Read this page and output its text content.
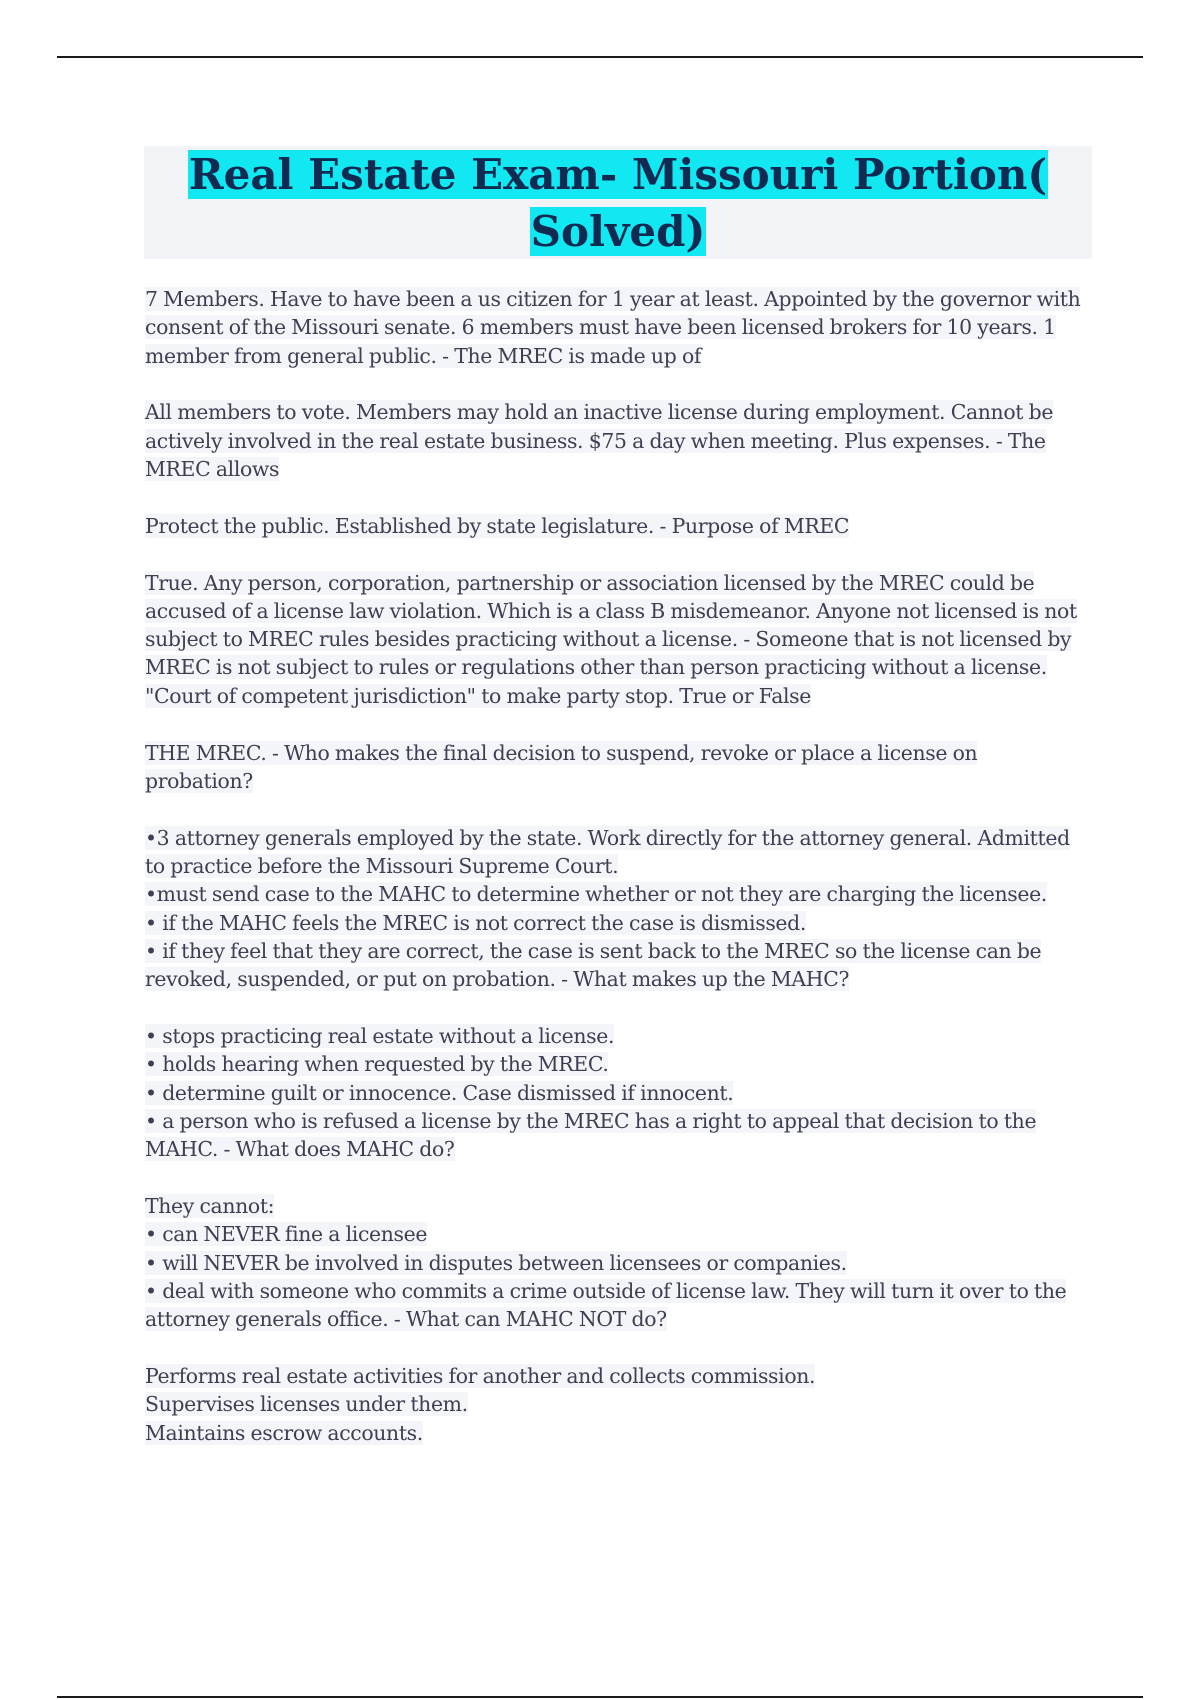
Real Estate Exam- Missouri Portion( Solved)

7 Members. Have to have been a us citizen for 1 year at least. Appointed by the governor with consent of the Missouri senate. 6 members must have been licensed brokers for 10 years. 1 member from general public. - The MREC is made up of

All members to vote. Members may hold an inactive license during employment. Cannot be actively involved in the real estate business. $75 a day when meeting. Plus expenses. - The MREC allows

Protect the public. Established by state legislature. - Purpose of MREC

True. Any person, corporation, partnership or association licensed by the MREC could be accused of a license law violation. Which is a class B misdemeanor. Anyone not licensed is not subject to MREC rules besides practicing without a license. - Someone that is not licensed by MREC is not subject to rules or regulations other than person practicing without a license. "Court of competent jurisdiction" to make party stop. True or False

THE MREC. - Who makes the final decision to suspend, revoke or place a license on probation?

•3 attorney generals employed by the state. Work directly for the attorney general. Admitted to practice before the Missouri Supreme Court.
•must send case to the MAHC to determine whether or not they are charging the licensee.
• if the MAHC feels the MREC is not correct the case is dismissed.
• if they feel that they are correct, the case is sent back to the MREC so the license can be revoked, suspended, or put on probation. - What makes up the MAHC?

• stops practicing real estate without a license.
• holds hearing when requested by the MREC.
• determine guilt or innocence. Case dismissed if innocent.
• a person who is refused a license by the MREC has a right to appeal that decision to the MAHC. - What does MAHC do?

They cannot:
• can NEVER fine a licensee
• will NEVER be involved in disputes between licensees or companies.
• deal with someone who commits a crime outside of license law. They will turn it over to the attorney generals office. - What can MAHC NOT do?

Performs real estate activities for another and collects commission.
Supervises licenses under them.
Maintains escrow accounts.
